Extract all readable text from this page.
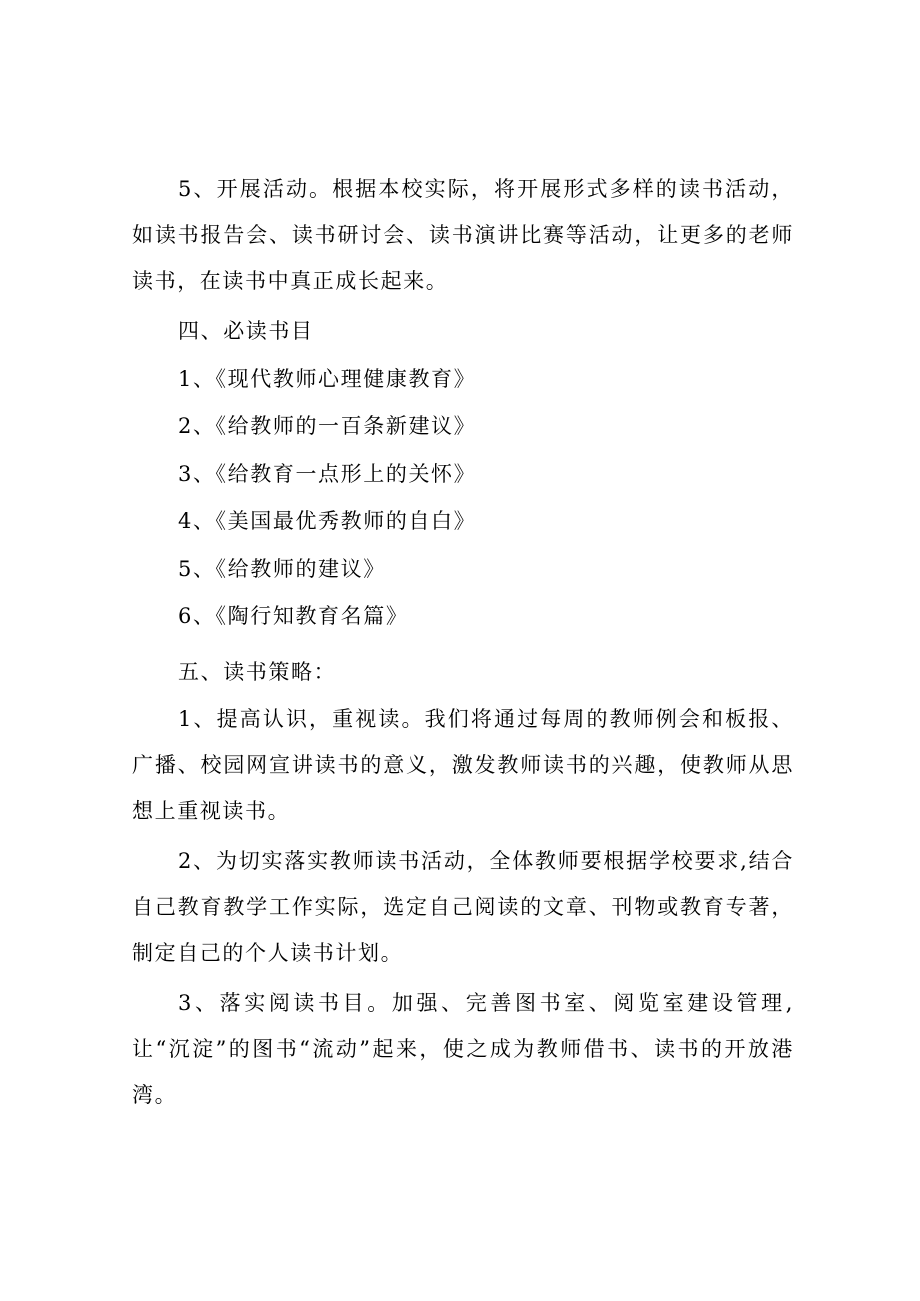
5、开展活动。根据本校实际，将开展形式多样的读书活动，如读书报告会、读书研讨会、读书演讲比赛等活动，让更多的老师读书，在读书中真正成长起来。

四、必读书目

1、《现代教师心理健康教育》

2、《给教师的一百条新建议》

3、《给教育一点形上的关怀》

4、《美国最优秀教师的自白》

5、《给教师的建议》

6、《陶行知教育名篇》

五、读书策略：

1、提高认识，重视读。我们将通过每周的教师例会和板报、广播、校园网宣讲读书的意义，激发教师读书的兴趣，使教师从思想上重视读书。

2、为切实落实教师读书活动，全体教师要根据学校要求,结合自己教育教学工作实际，选定自己阅读的文章、刊物或教育专著，制定自己的个人读书计划。

3、落实阅读书目。加强、完善图书室、阅览室建设管理,让“沉淀”的图书“流动”起来，使之成为教师借书、读书的开放港湾。
